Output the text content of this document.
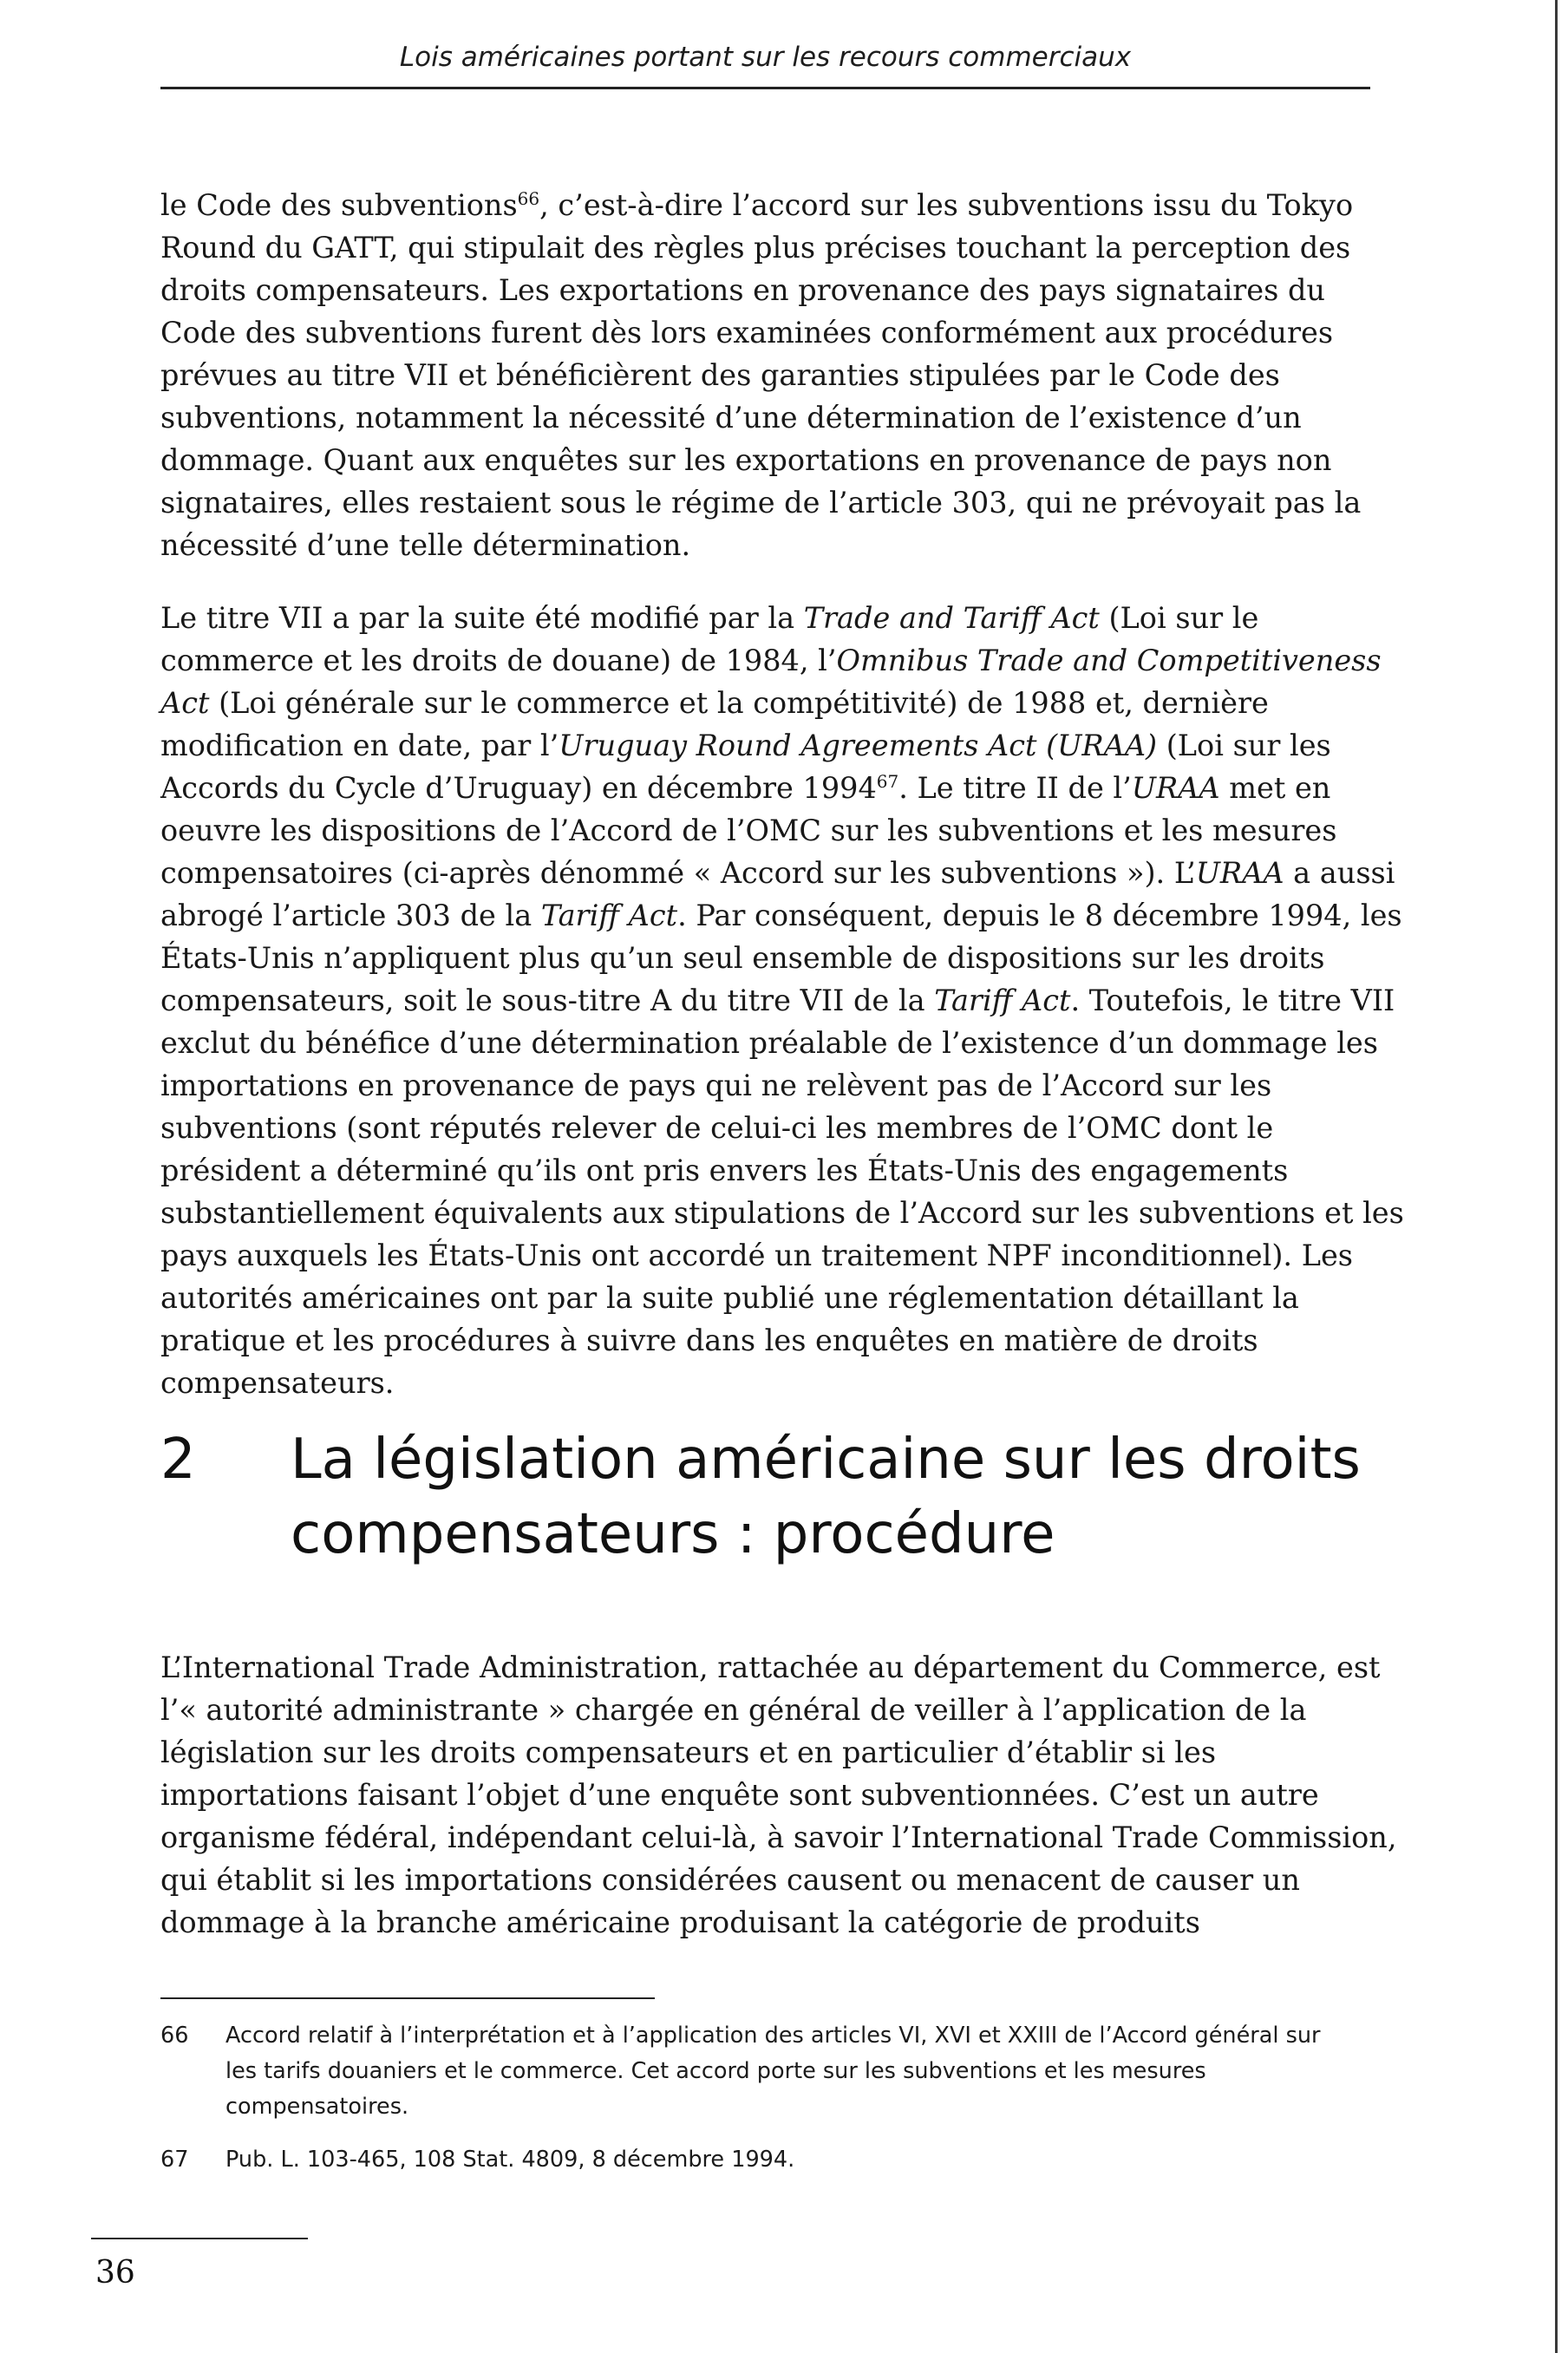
Lois américaines portant sur les recours commerciaux

le Code des subventions$^{66}$, c’est-à-dire l’accord sur les subventions issu du Tokyo Round du GATT, qui stipulait des règles plus précises touchant la perception des droits compensateurs. Les exportations en provenance des pays signataires du Code des subventions furent dès lors examinées conformément aux procédures prévues au titre VII et bénéficièrent des garanties stipulées par le Code des subventions, notamment la nécessité d’une détermination de l’existence d’un dommage. Quant aux enquêtes sur les exportations en provenance de pays non signataires, elles restaient sous le régime de l’article 303, qui ne prévoyait pas la nécessité d’une telle détermination.

Le titre VII a par la suite été modifié par la Trade and Tariff Act (Loi sur le commerce et les droits de douane) de 1984, l’Omnibus Trade and Competitiveness Act (Loi générale sur le commerce et la compétitivité) de 1988 et, dernière modification en date, par l’Uruguay Round Agreements Act (URAA) (Loi sur les Accords du Cycle d’Uruguay) en décembre 1994$^{67}$. Le titre II de l’URAA met en oeuvre les dispositions de l’Accord de l’OMC sur les subventions et les mesures compensatoires (ci-après dénommé « Accord sur les subventions »). L’URAA a aussi abrogé l’article 303 de la Tariff Act. Par conséquent, depuis le 8 décembre 1994, les États-Unis n’appliquent plus qu’un seul ensemble de dispositions sur les droits compensateurs, soit le sous-titre A du titre VII de la Tariff Act. Toutefois, le titre VII exclut du bénéfice d’une détermination préalable de l’existence d’un dommage les importations en provenance de pays qui ne relèvent pas de l’Accord sur les subventions (sont réputés relever de celui-ci les membres de l’OMC dont le président a déterminé qu’ils ont pris envers les États-Unis des engagements substantiellement équivalents aux stipulations de l’Accord sur les subventions et les pays auxquels les États-Unis ont accordé un traitement NPF inconditionnel). Les autorités américaines ont par la suite publié une réglementation détaillant la pratique et les procédures à suivre dans les enquêtes en matière de droits compensateurs.

2 La législation américaine sur les droits compensateurs : procédure

L’International Trade Administration, rattachée au département du Commerce, est l’« autorité administrante » chargée en général de veiller à l’application de la législation sur les droits compensateurs et en particulier d’établir si les importations faisant l’objet d’une enquête sont subventionnées. C’est un autre organisme fédéral, indépendant celui-là, à savoir l’International Trade Commission, qui établit si les importations considérées causent ou menacent de causer un dommage à la branche américaine produisant la catégorie de produits

66 Accord relatif à l’interprétation et à l’application des articles VI, XVI et XXIII de l’Accord général sur les tarifs douaniers et le commerce. Cet accord porte sur les subventions et les mesures compensatoires.

67 Pub. L. 103-465, 108 Stat. 4809, 8 décembre 1994.

36
